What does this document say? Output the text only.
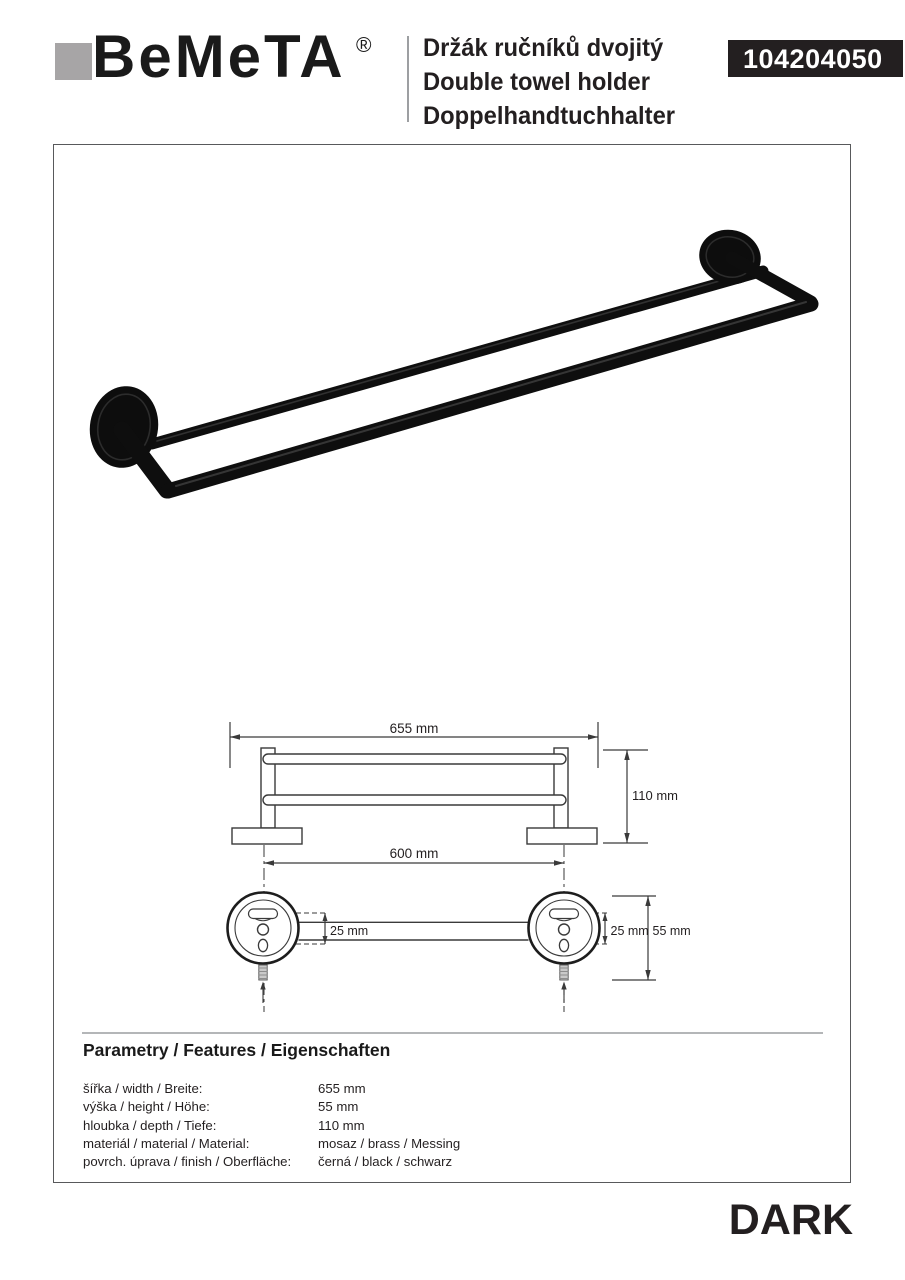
BeMeTA ® Držák ručníků dvojitý
Double towel holder
Doppelhandtuchhalter
104204050
655 mm
110 mm
600 mm
25 mm	25 mm 55 mm
Parametry / Features / Eigenschaften
šířka / width / Breite:	655 mm
výška / height / Höhe:	55 mm
hloubka / depth / Tiefe:	110 mm
materiál / material / Material:	mosaz / brass / Messing
povrch. úprava / finish / Oberfläche: černá / black / schwarz
DARK
